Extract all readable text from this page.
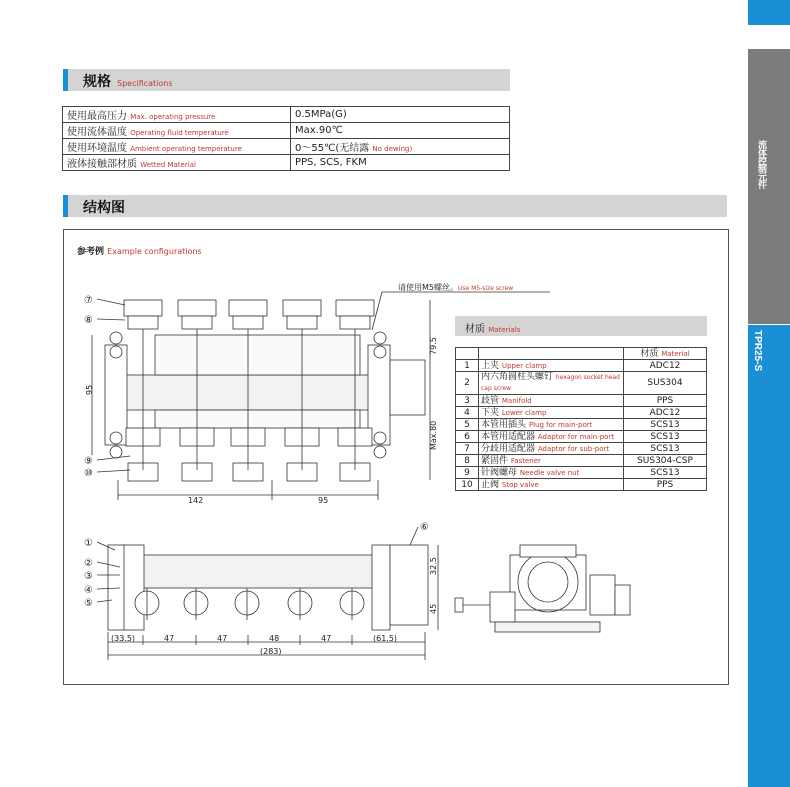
流体控制元件
TPR25-S
规格 Specifications
使用最高压力 Max. operating pressure	0.5MPa(G)
使用流体温度 Operating fluid temperature	Max.90℃
使用环境温度 Ambient operating temperature	0～55℃(无结露 No dewing)
液体接触部材质 Wetted Material	PPS, SCS, FKM
结构图
参考例 Example configurations
请使用M5螺丝。Use M5-size screw
142	95
95
79.5
Max.80
32.5
45
(33.5)	47	47	48	47	(61.5)
(283)
⑦
⑧
⑨
⑩
①
②
③
④
⑤
⑥
材质 Materials
		材质 Material
1	上夹 Upper clamp	ADC12
2	内六角圆柱头螺钉 hexagon socket head cap screw	SUS304
3	歧管 Manifold	PPS
4	下夹 Lower clamp	ADC12
5	本管用插头 Plug for main-port	SCS13
6	本管用适配器 Adaptor for main-port	SCS13
7	分歧用适配器 Adaptor for sub-port	SCS13
8	紧固件 Fastener	SUS304-CSP
9	针阀螺母 Needle valve nut	SCS13
10	止阀 Stop valve	PPS
